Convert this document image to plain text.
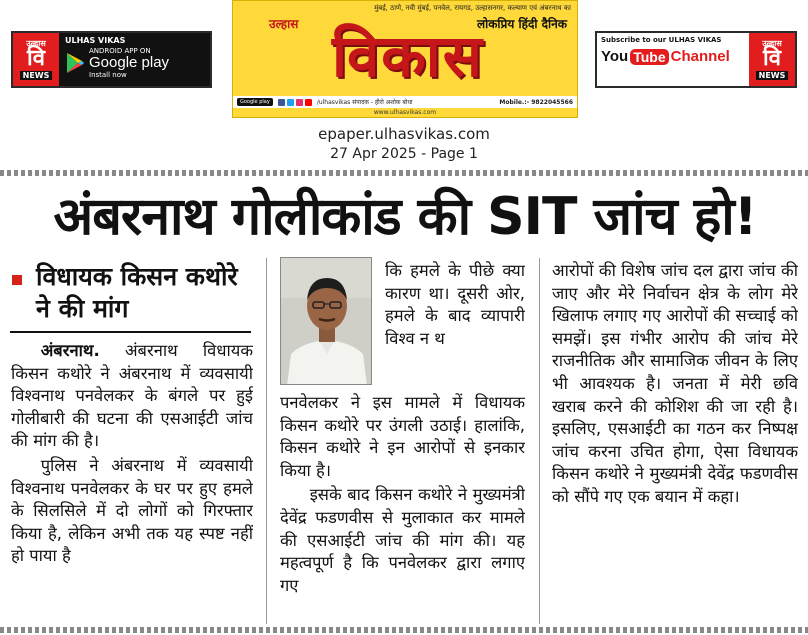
उल्हास
वि
NEWS
ULHAS VIKAS
ANDROID APP ON
Google play
Install now
मुंबई, ठाणे, नवी मुंबई, पनवेल, रायगड, उल्हासनगर, कल्याण एवं अंबरनाथ का
उल्हास	लोकप्रिय हिंदी दैनिक
विकास
Google play	/ulhasvikas संपादक - हीरो अशोक बोधा	Mobile.:- 9822045566
www.ulhasvikas.com
Subscribe to our ULHAS VIKAS
You Tube Channel
उल्हास
वि
NEWS
epaper.ulhasvikas.com
27 Apr 2025 - Page 1
अंबरनाथ गोलीकांड की SIT जांच हो!
विधायक किसन कथोरे ने की मांग

अंबरनाथ. अंबरनाथ विधायक किसन कथोरे ने अंबरनाथ में व्यवसायी विश्वनाथ पनवेलकर के बंगले पर हुई गोलीबारी की घटना की एसआईटी जांच की मांग की है।

पुलिस ने अंबरनाथ में व्यवसायी विश्वनाथ पनवेलकर के घर पर हुए हमले के सिलसिले में दो लोगों को गिरफ्तार किया है, लेकिन अभी तक यह स्पष्ट नहीं हो पाया है

कि हमले के पीछे क्या कारण था। दूसरी ओर, हमले के बाद व्यापारी विश्व न थ

पनवेलकर ने इस मामले में विधायक किसन कथोरे पर उंगली उठाई। हालांकि, किसन कथोरे ने इन आरोपों से इनकार किया है।

इसके बाद किसन कथोरे ने मुख्यमंत्री देवेंद्र फडणवीस से मुलाकात कर मामले की एसआईटी जांच की मांग की। यह महत्वपूर्ण है कि पनवेलकर द्वारा लगाए गए

आरोपों की विशेष जांच दल द्वारा जांच की जाए और मेरे निर्वाचन क्षेत्र के लोग मेरे खिलाफ लगाए गए आरोपों की सच्चाई को समझें। इस गंभीर आरोप की जांच मेरे राजनीतिक और सामाजिक जीवन के लिए भी आवश्यक है। जनता में मेरी छवि खराब करने की कोशिश की जा रही है। इसलिए, एसआईटी का गठन कर निष्पक्ष जांच करना उचित होगा, ऐसा विधायक किसन कथोरे ने मुख्यमंत्री देवेंद्र फडणवीस को सौंपे गए एक बयान में कहा।
